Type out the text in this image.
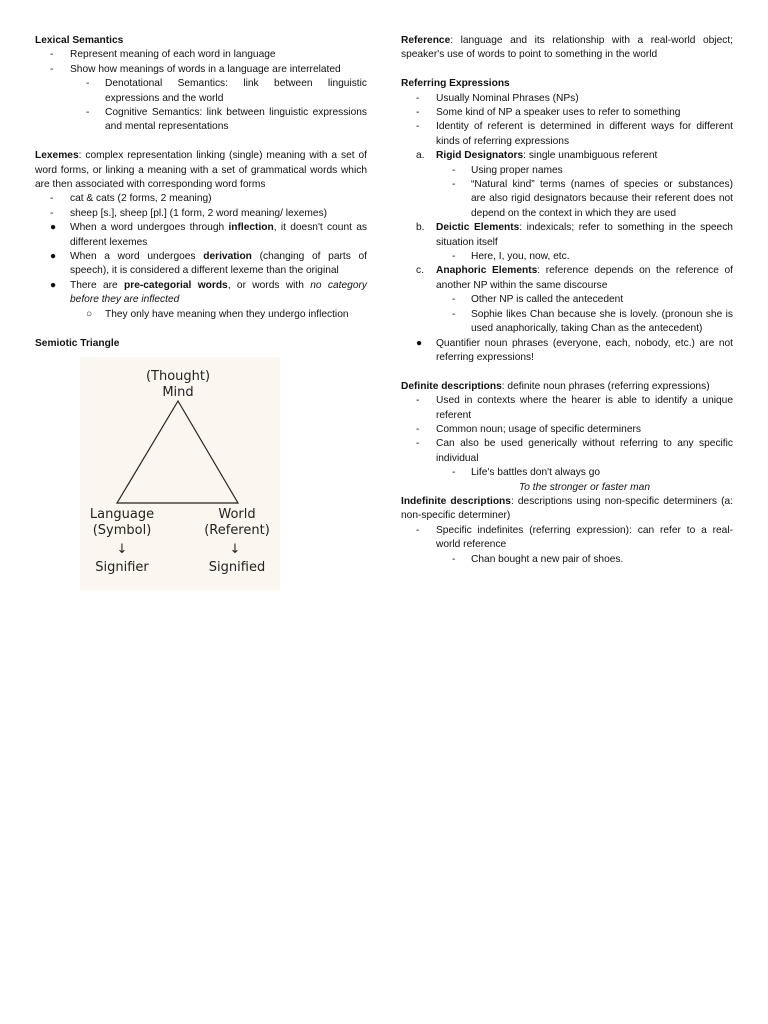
Lexical Semantics

- Represent meaning of each word in language
- Show how meanings of words in a language are interrelated
- Denotational Semantics: link between linguistic expressions and the world
- Cognitive Semantics: link between linguistic expressions and mental representations

Lexemes: complex representation linking (single) meaning with a set of word forms, or linking a meaning with a set of grammatical words which are then associated with corresponding word forms

- cat & cats (2 forms, 2 meaning)
- sheep [s.], sheep [pl.] (1 form, 2 word meaning/ lexemes)
● When a word undergoes through inflection, it doesn't count as different lexemes
● When a word undergoes derivation (changing of parts of speech), it is considered a different lexeme than the original
● There are pre-categorial words, or words with no category before they are inflected
○ They only have meaning when they undergo inflection

Semiotic Triangle

(Thought)
Mind
Language
(Symbol)
World
(Referent)
↓	↓
Signifier	Signified

Reference: language and its relationship with a real-world object; speaker's use of words to point to something in the world

Referring Expressions

- Usually Nominal Phrases (NPs)
- Some kind of NP a speaker uses to refer to something
- Identity of referent is determined in different ways for different kinds of referring expressions
a. Rigid Designators: single unambiguous referent
- Using proper names
- “Natural kind” terms (names of species or substances) are also rigid designators because their referent does not depend on the context in which they are used
b. Deictic Elements: indexicals; refer to something in the speech situation itself
- Here, I, you, now, etc.
c. Anaphoric Elements: reference depends on the reference of another NP within the same discourse
- Other NP is called the antecedent
- Sophie likes Chan because she is lovely. (pronoun she is used anaphorically, taking Chan as the antecedent)
● Quantifier noun phrases (everyone, each, nobody, etc.) are not referring expressions!

Definite descriptions: definite noun phrases (referring expressions)

- Used in contexts where the hearer is able to identify a unique referent
- Common noun; usage of specific determiners
- Can also be used generically without referring to any specific individual
- Life's battles don't always go
To the stronger or faster man

Indefinite descriptions: descriptions using non-specific determiners (a: non-specific determiner)

- Specific indefinites (referring expression): can refer to a real-world reference
- Chan bought a new pair of shoes.
